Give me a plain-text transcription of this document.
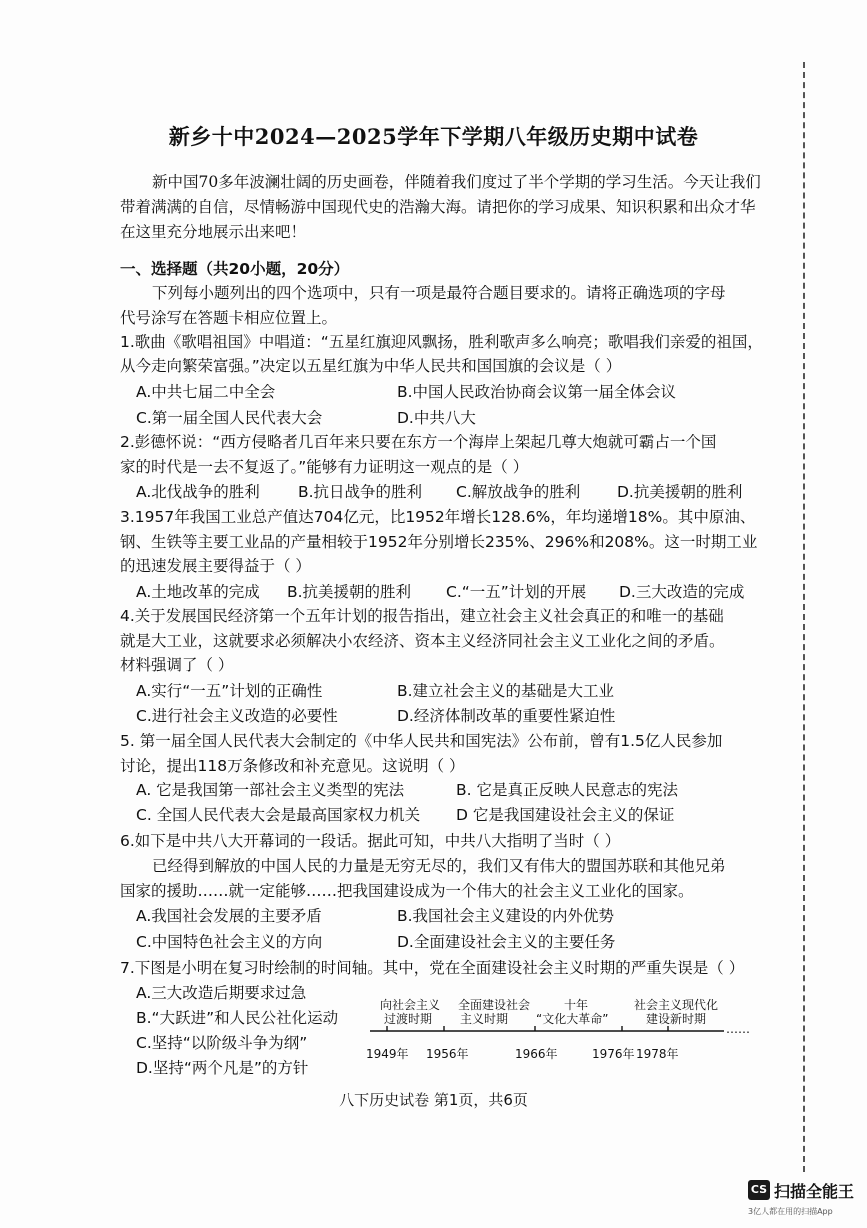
新乡十中2024—2025学年下学期八年级历史期中试卷
新中国70多年波澜壮阔的历史画卷，伴随着我们度过了半个学期的学习生活。今天让我们
带着满满的自信，尽情畅游中国现代史的浩瀚大海。请把你的学习成果、知识积累和出众才华
在这里充分地展示出来吧！
一、选择题（共20小题，20分）
下列每小题列出的四个选项中，只有一项是最符合题目要求的。请将正确选项的字母
代号涂写在答题卡相应位置上。
1.歌曲《歌唱祖国》中唱道：“五星红旗迎风飘扬，胜利歌声多么响亮；歌唱我们亲爱的祖国，
从今走向繁荣富强。”决定以五星红旗为中华人民共和国国旗的会议是（ ）
A.中共七届二中全会	B.中国人民政治协商会议第一届全体会议
C.第一届全国人民代表大会	D.中共八大
2.彭德怀说：“西方侵略者几百年来只要在东方一个海岸上架起几尊大炮就可霸占一个国
家的时代是一去不复返了。”能够有力证明这一观点的是（ ）
A.北伐战争的胜利 B.抗日战争的胜利 C.解放战争的胜利 D.抗美援朝的胜利
3.1957年我国工业总产值达704亿元，比1952年增长128.6%，年均递增18%。其中原油、
钢、生铁等主要工业品的产量相较于1952年分别增长235%、296%和208%。这一时期工业
的迅速发展主要得益于（ ）
A.土地改革的完成 B.抗美援朝的胜利 C.“一五”计划的开展 D.三大改造的完成
4.关于发展国民经济第一个五年计划的报告指出，建立社会主义社会真正的和唯一的基础
就是大工业，这就要求必须解决小农经济、资本主义经济同社会主义工业化之间的矛盾。
材料强调了（ ）
A.实行“一五”计划的正确性	B.建立社会主义的基础是大工业
C.进行社会主义改造的必要性	D.经济体制改革的重要性紧迫性
5. 第一届全国人民代表大会制定的《中华人民共和国宪法》公布前，曾有1.5亿人民参加
讨论，提出118万条修改和补充意见。这说明（ ）
A. 它是我国第一部社会主义类型的宪法	B. 它是真正反映人民意志的宪法
C. 全国人民代表大会是最高国家权力机关 D 它是我国建设社会主义的保证
6.如下是中共八大开幕词的一段话。据此可知，中共八大指明了当时（ ）
已经得到解放的中国人民的力量是无穷无尽的，我们又有伟大的盟国苏联和其他兄弟
国家的援助……就一定能够……把我国建设成为一个伟大的社会主义工业化的国家。
A.我国社会发展的主要矛盾	B.我国社会主义建设的内外优势
C.中国特色社会主义的方向	D.全面建设社会主义的主要任务
7.下图是小明在复习时绘制的时间轴。其中，党在全面建设社会主义时期的严重失误是（ ）
A.三大改造后期要求过急
B.“大跃进”和人民公社化运动
C.坚持“以阶级斗争为纲”
D.坚持“两个凡是”的方针
向社会主义
过渡时期
全面建设社会
主义时期
十年
“文化大革命”
社会主义现代化
建设新时期
……
1949年 1956年	1966年	1976年 1978年
八下历史试卷 第1页，共6页
CS 扫描全能王
3亿人都在用的扫描App
